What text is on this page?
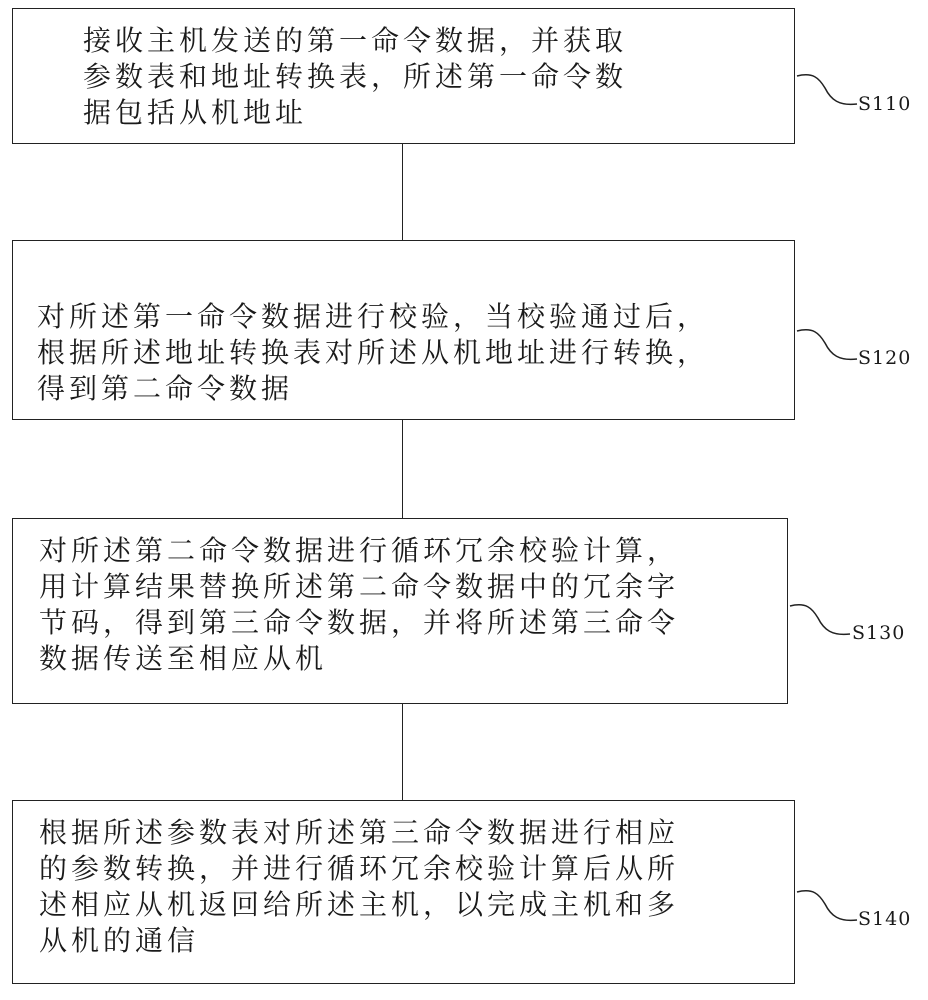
接收主机发送的第一命令数据，并获取
参数表和地址转换表，所述第一命令数
据包括从机地址	S110
对所述第一命令数据进行校验，当校验通过后，
根据所述地址转换表对所述从机地址进行转换，
得到第二命令数据
S120
对所述第二命令数据进行循环冗余校验计算，
用计算结果替换所述第二命令数据中的冗余字
节码，得到第三命令数据，并将所述第三命令
数据传送至相应从机
S130
根据所述参数表对所述第三命令数据进行相应
的参数转换，并进行循环冗余校验计算后从所
述相应从机返回给所述主机，以完成主机和多
从机的通信
S140
